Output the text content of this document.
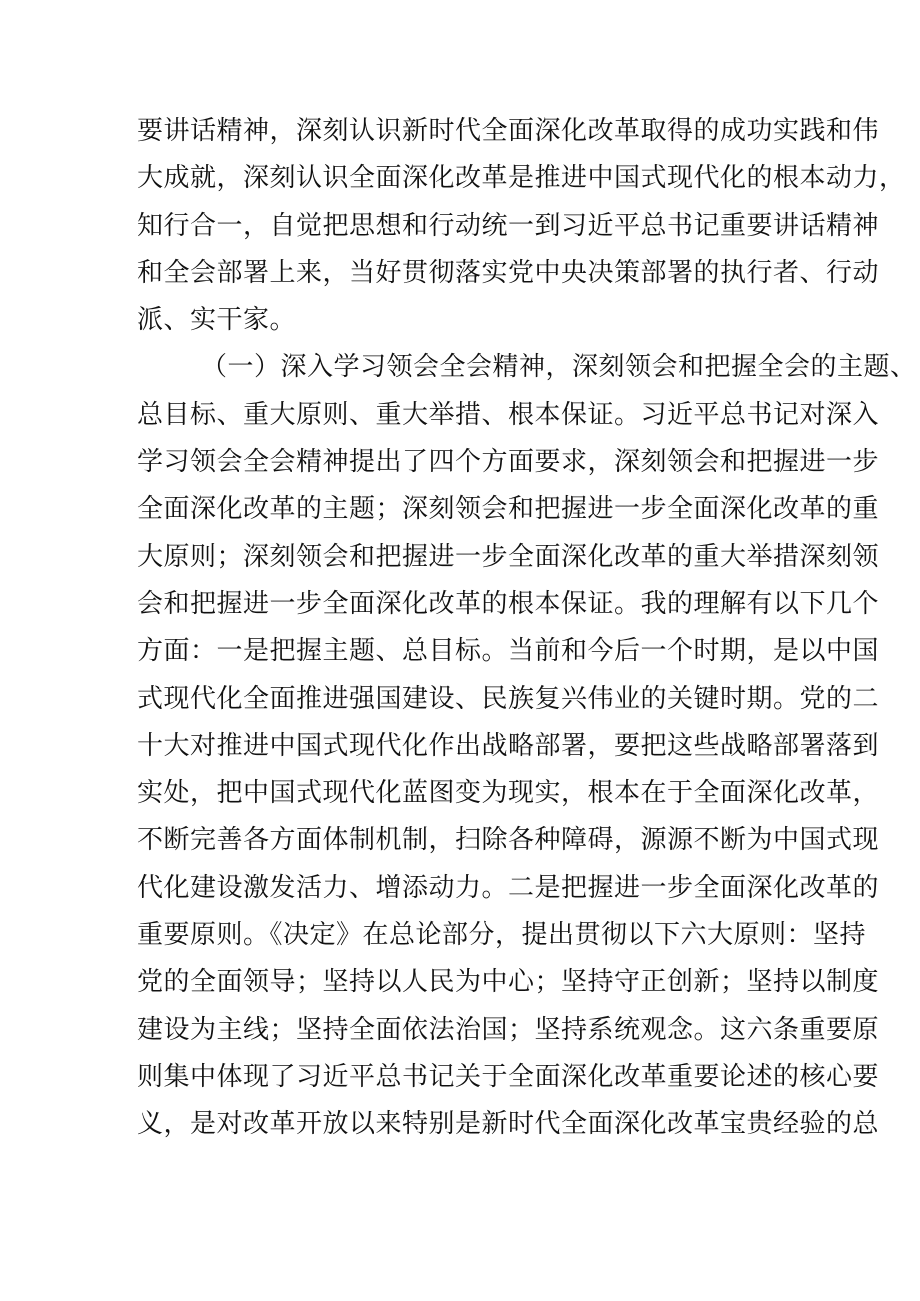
要讲话精神，深刻认识新时代全面深化改革取得的成功实践和伟
大成就，深刻认识全面深化改革是推进中国式现代化的根本动力，
知行合一，自觉把思想和行动统一到习近平总书记重要讲话精神
和全会部署上来，当好贯彻落实党中央决策部署的执行者、行动
派、实干家。
（一）深入学习领会全会精神，深刻领会和把握全会的主题、
总目标、重大原则、重大举措、根本保证。习近平总书记对深入
学习领会全会精神提出了四个方面要求，深刻领会和把握进一步
全面深化改革的主题；深刻领会和把握进一步全面深化改革的重
大原则；深刻领会和把握进一步全面深化改革的重大举措深刻领
会和把握进一步全面深化改革的根本保证。我的理解有以下几个
方面：一是把握主题、总目标。当前和今后一个时期，是以中国
式现代化全面推进强国建设、民族复兴伟业的关键时期。党的二
十大对推进中国式现代化作出战略部署，要把这些战略部署落到
实处，把中国式现代化蓝图变为现实，根本在于全面深化改革，
不断完善各方面体制机制，扫除各种障碍，源源不断为中国式现
代化建设激发活力、增添动力。二是把握进一步全面深化改革的
重要原则。《决定》在总论部分，提出贯彻以下六大原则：坚持
党的全面领导；坚持以人民为中心；坚持守正创新；坚持以制度
建设为主线；坚持全面依法治国；坚持系统观念。这六条重要原
则集中体现了习近平总书记关于全面深化改革重要论述的核心要
义，是对改革开放以来特别是新时代全面深化改革宝贵经验的总
